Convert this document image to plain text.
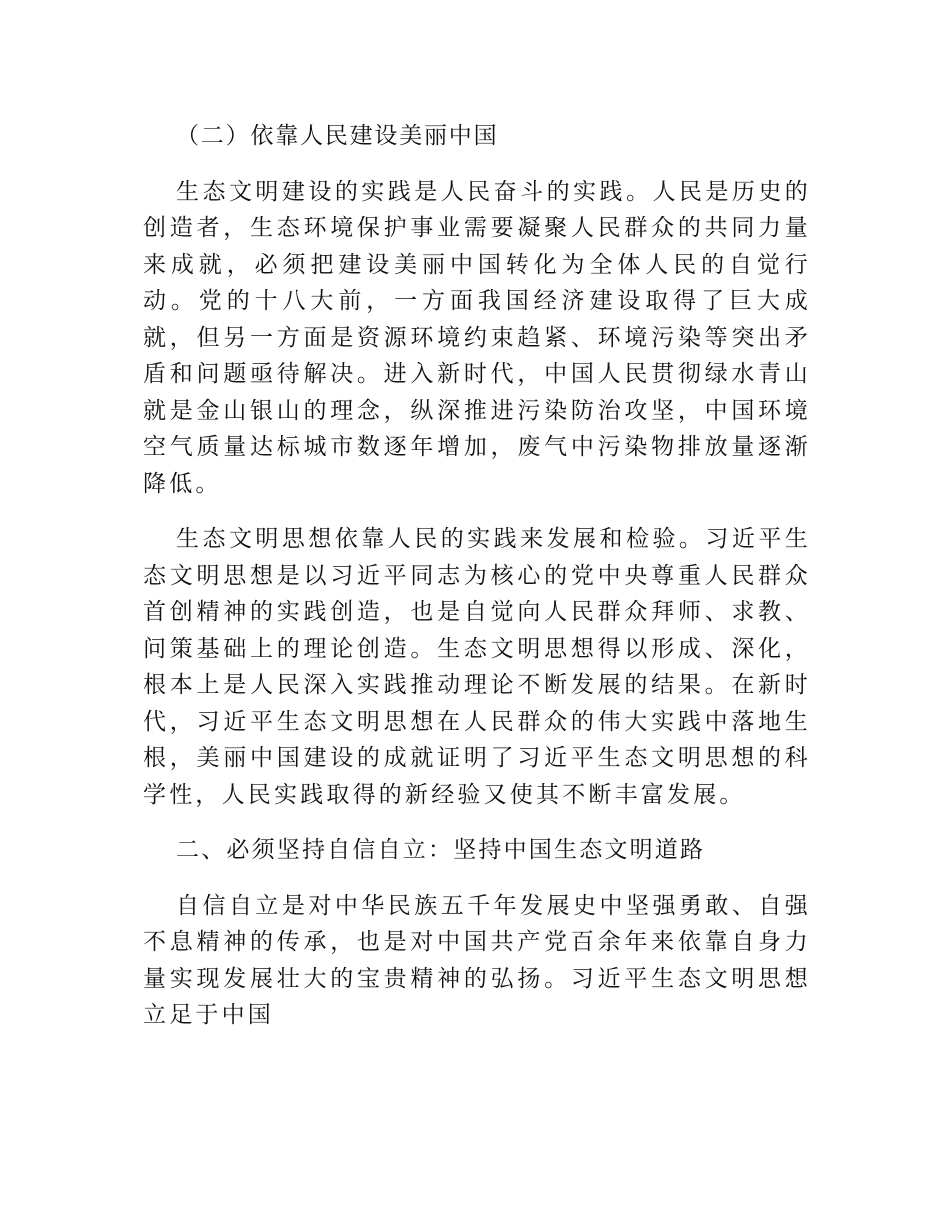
（二）依靠人民建设美丽中国

生态文明建设的实践是人民奋斗的实践。人民是历史的创造者，生态环境保护事业需要凝聚人民群众的共同力量来成就，必须把建设美丽中国转化为全体人民的自觉行动。党的十八大前，一方面我国经济建设取得了巨大成就，但另一方面是资源环境约束趋紧、环境污染等突出矛盾和问题亟待解决。进入新时代，中国人民贯彻绿水青山就是金山银山的理念，纵深推进污染防治攻坚，中国环境空气质量达标城市数逐年增加，废气中污染物排放量逐渐降低。

生态文明思想依靠人民的实践来发展和检验。习近平生态文明思想是以习近平同志为核心的党中央尊重人民群众首创精神的实践创造，也是自觉向人民群众拜师、求教、问策基础上的理论创造。生态文明思想得以形成、深化，根本上是人民深入实践推动理论不断发展的结果。在新时代，习近平生态文明思想在人民群众的伟大实践中落地生根，美丽中国建设的成就证明了习近平生态文明思想的科学性，人民实践取得的新经验又使其不断丰富发展。

二、必须坚持自信自立：坚持中国生态文明道路

自信自立是对中华民族五千年发展史中坚强勇敢、自强不息精神的传承，也是对中国共产党百余年来依靠自身力量实现发展壮大的宝贵精神的弘扬。习近平生态文明思想立足于中国
